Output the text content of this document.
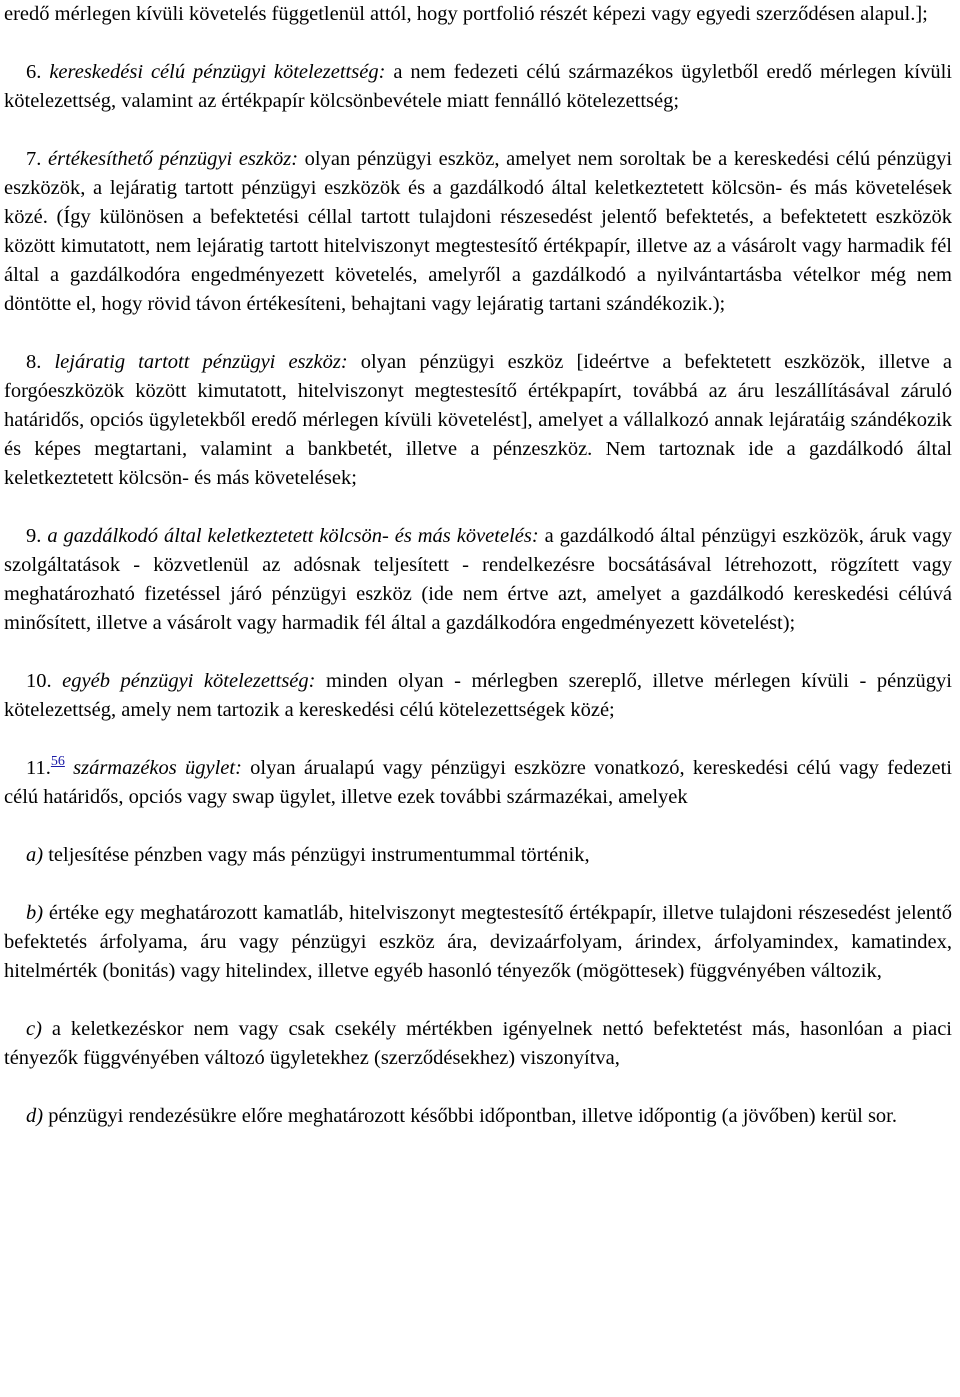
eredő mérlegen kívüli követelés függetlenül attól, hogy portfolió részét képezi vagy egyedi szerződésen alapul.];

6. kereskedési célú pénzügyi kötelezettség: a nem fedezeti célú származékos ügyletből eredő mérlegen kívüli kötelezettség, valamint az értékpapír kölcsönbevétele miatt fennálló kötelezettség;

7. értékesíthető pénzügyi eszköz: olyan pénzügyi eszköz, amelyet nem soroltak be a kereskedési célú pénzügyi eszközök, a lejáratig tartott pénzügyi eszközök és a gazdálkodó által keletkeztetett kölcsön- és más követelések közé. (Így különösen a befektetési céllal tartott tulajdoni részesedést jelentő befektetés, a befektetett eszközök között kimutatott, nem lejáratig tartott hitelviszonyt megtestesítő értékpapír, illetve az a vásárolt vagy harmadik fél által a gazdálkodóra engedményezett követelés, amelyről a gazdálkodó a nyilvántartásba vételkor még nem döntötte el, hogy rövid távon értékesíteni, behajtani vagy lejáratig tartani szándékozik.);

8. lejáratig tartott pénzügyi eszköz: olyan pénzügyi eszköz [ideértve a befektetett eszközök, illetve a forgóeszközök között kimutatott, hitelviszonyt megtestesítő értékpapírt, továbbá az áru leszállításával záruló határidős, opciós ügyletekből eredő mérlegen kívüli követelést], amelyet a vállalkozó annak lejáratáig szándékozik és képes megtartani, valamint a bankbetét, illetve a pénzeszköz. Nem tartoznak ide a gazdálkodó által keletkeztetett kölcsön- és más követelések;

9. a gazdálkodó által keletkeztetett kölcsön- és más követelés: a gazdálkodó által pénzügyi eszközök, áruk vagy szolgáltatások - közvetlenül az adósnak teljesített - rendelkezésre bocsátásával létrehozott, rögzített vagy meghatározható fizetéssel járó pénzügyi eszköz (ide nem értve azt, amelyet a gazdálkodó kereskedési célúvá minősített, illetve a vásárolt vagy harmadik fél által a gazdálkodóra engedményezett követelést);

10. egyéb pénzügyi kötelezettség: minden olyan - mérlegben szereplő, illetve mérlegen kívüli - pénzügyi kötelezettség, amely nem tartozik a kereskedési célú kötelezettségek közé;

11.56 származékos ügylet: olyan árualapú vagy pénzügyi eszközre vonatkozó, kereskedési célú vagy fedezeti célú határidős, opciós vagy swap ügylet, illetve ezek további származékai, amelyek

a) teljesítése pénzben vagy más pénzügyi instrumentummal történik,

b) értéke egy meghatározott kamatláb, hitelviszonyt megtestesítő értékpapír, illetve tulajdoni részesedést jelentő befektetés árfolyama, áru vagy pénzügyi eszköz ára, devizaárfolyam, árindex, árfolyamindex, kamatindex, hitelmérték (bonitás) vagy hitelindex, illetve egyéb hasonló tényezők (mögöttesek) függvényében változik,

c) a keletkezéskor nem vagy csak csekély mértékben igényelnek nettó befektetést más, hasonlóan a piaci tényezők függvényében változó ügyletekhez (szerződésekhez) viszonyítva,

d) pénzügyi rendezésükre előre meghatározott későbbi időpontban, illetve időpontig (a jövőben) kerül sor.
